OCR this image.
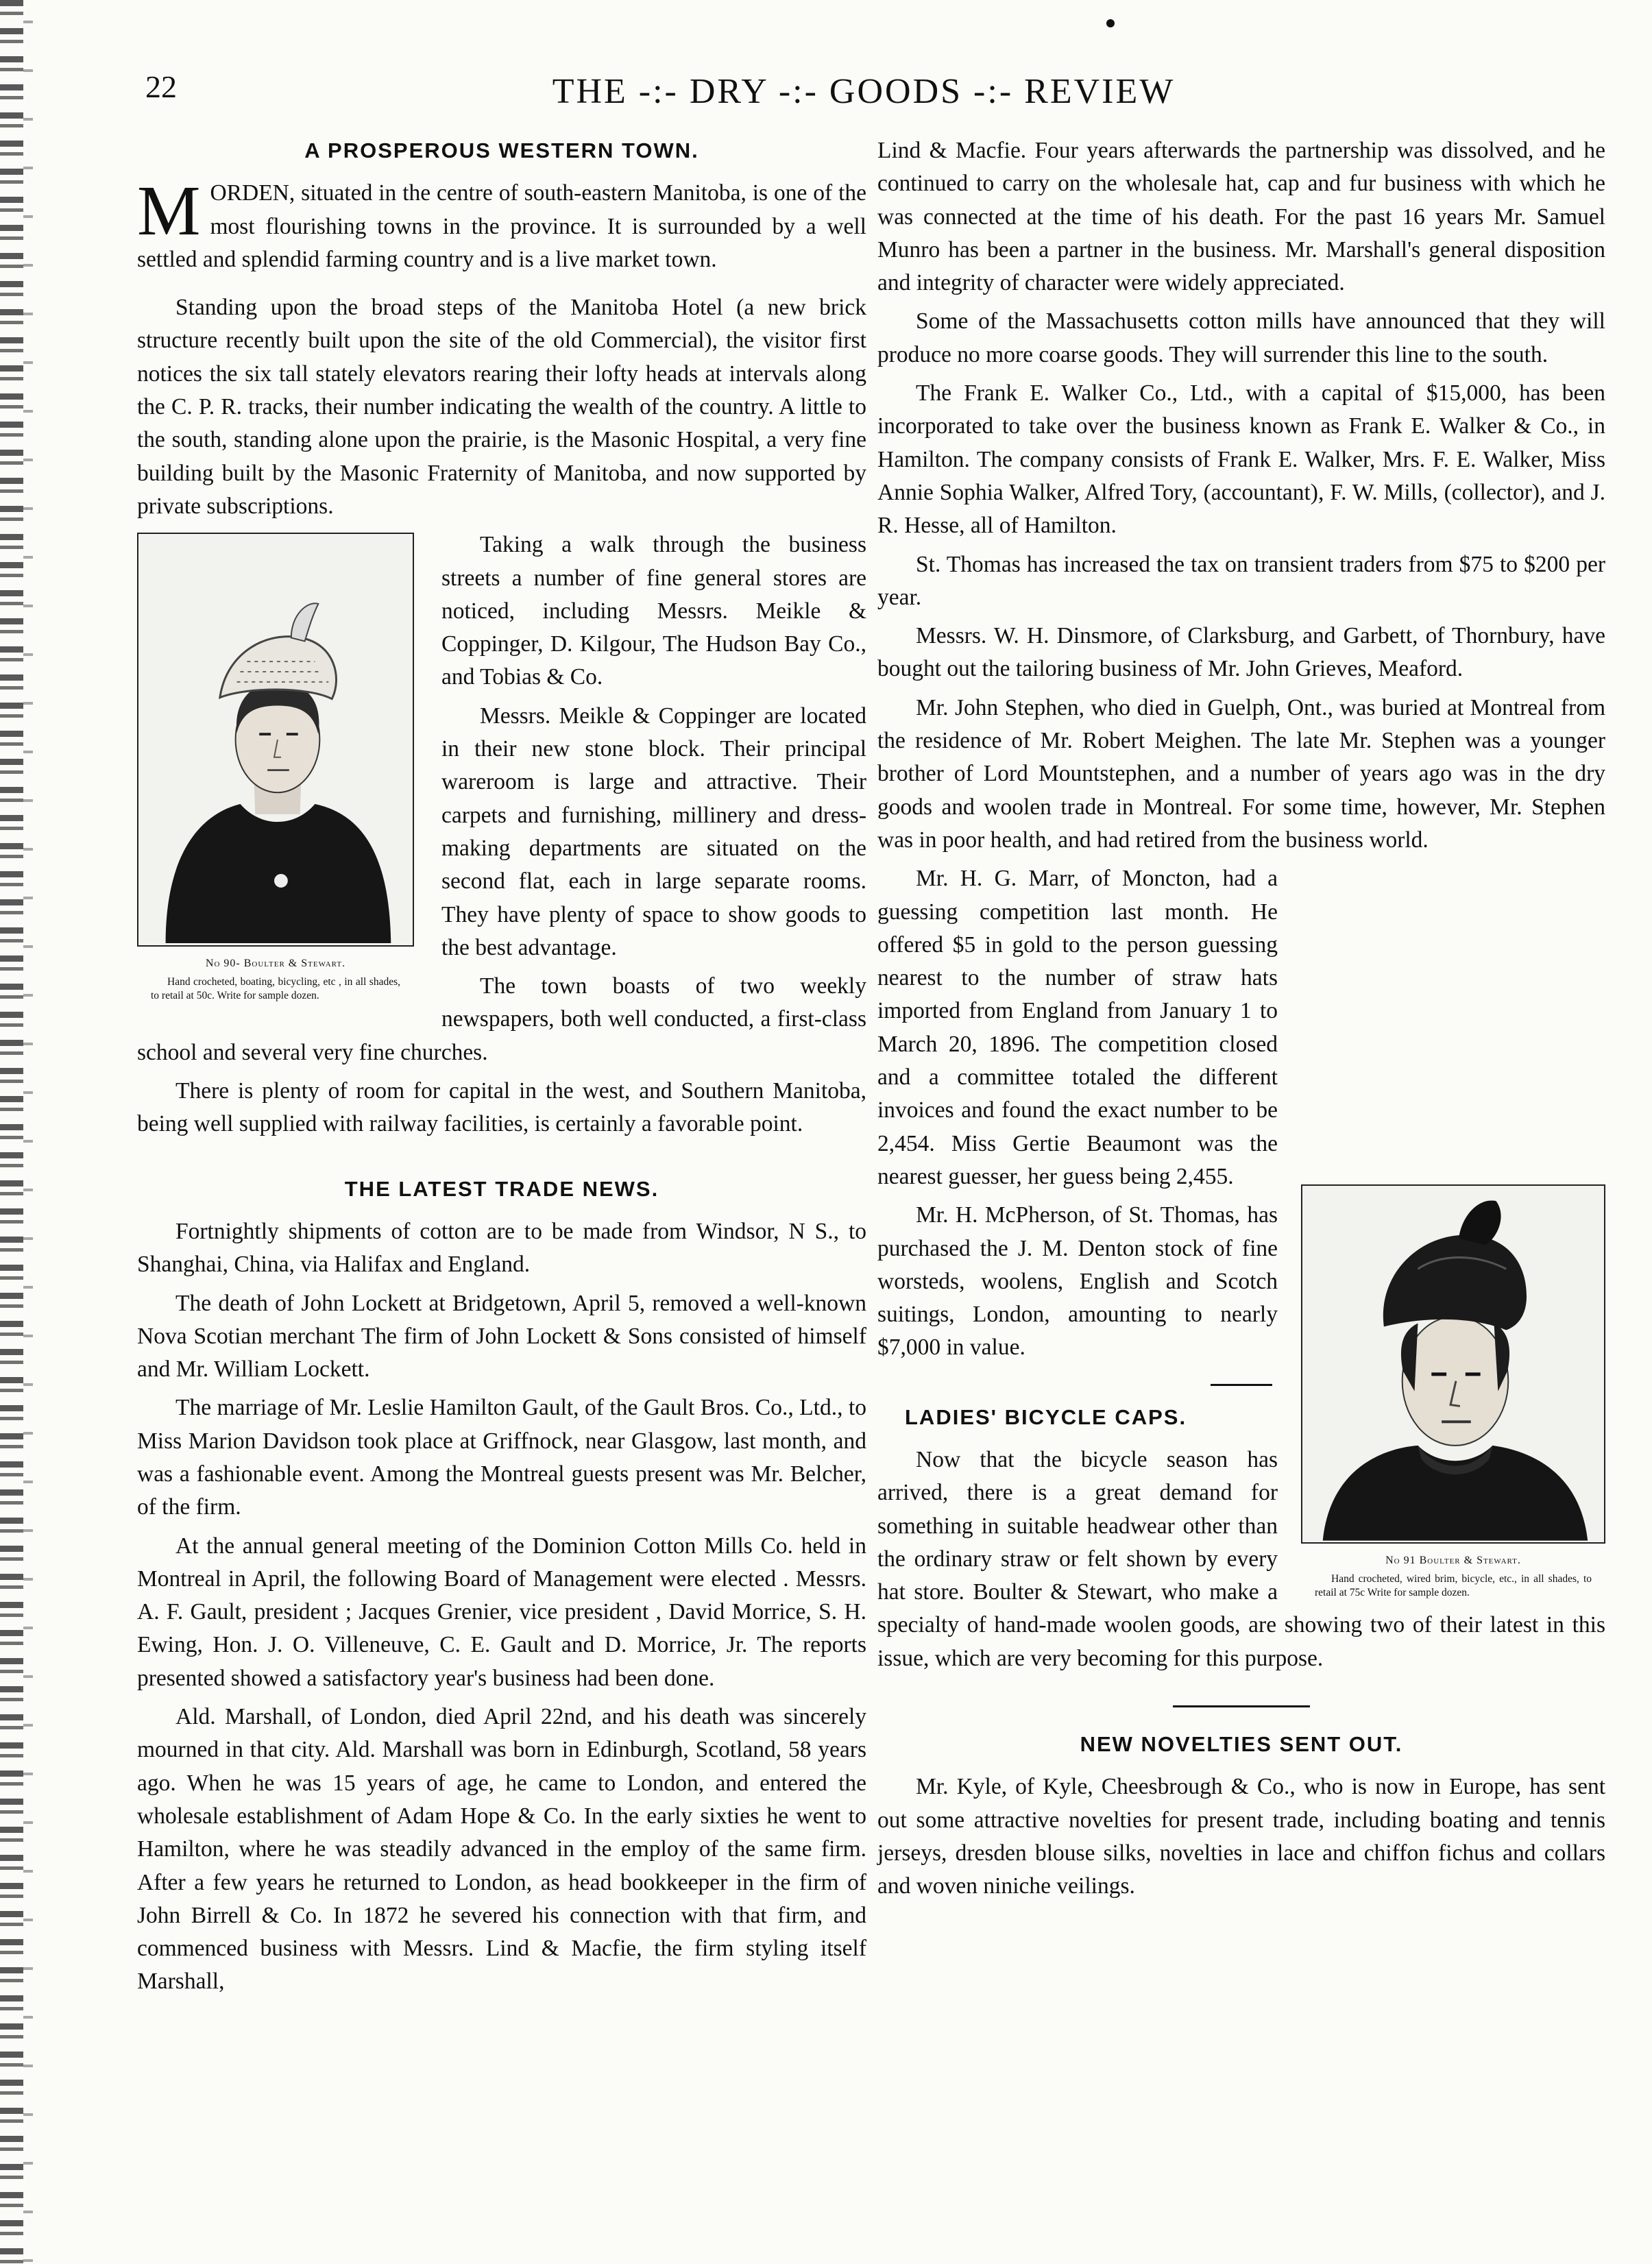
22	THE -:- DRY -:- GOODS -:- REVIEW
A PROSPEROUS WESTERN TOWN.

MORDEN, situated in the centre of south-eastern Manitoba, is one of the most flourishing towns in the province. It is surrounded by a well settled and splendid farming country and is a live market town.

Standing upon the broad steps of the Manitoba Hotel (a new brick structure recently built upon the site of the old Commercial), the visitor first notices the six tall stately elevators rearing their lofty heads at intervals along the C. P. R. tracks, their number indicating the wealth of the country. A little to the south, standing alone upon the prairie, is the Masonic Hospital, a very fine building built by the Masonic Fraternity of Manitoba, and now supported by private subscriptions.

No 90- Boulter & Stewart.
Hand crocheted, boating, bicycling, etc , in all shades, to retail at 50c. Write for sample dozen.

Taking a walk through the business streets a number of fine general stores are noticed, including Messrs. Meikle & Coppinger, D. Kilgour, The Hudson Bay Co., and Tobias & Co.

Messrs. Meikle & Coppinger are located in their new stone block. Their principal wareroom is large and attractive. Their carpets and furnishing, millinery and dress-making departments are situated on the second flat, each in large separate rooms. They have plenty of space to show goods to the best advantage.

The town boasts of two weekly newspapers, both well conducted, a first-class school and several very fine churches.

There is plenty of room for capital in the west, and Southern Manitoba, being well supplied with railway facilities, is certainly a favorable point.

THE LATEST TRADE NEWS.

Fortnightly shipments of cotton are to be made from Windsor, N S., to Shanghai, China, via Halifax and England.

The death of John Lockett at Bridgetown, April 5, removed a well-known Nova Scotian merchant The firm of John Lockett & Sons consisted of himself and Mr. William Lockett.

The marriage of Mr. Leslie Hamilton Gault, of the Gault Bros. Co., Ltd., to Miss Marion Davidson took place at Griffnock, near Glasgow, last month, and was a fashionable event. Among the Montreal guests present was Mr. Belcher, of the firm.

At the annual general meeting of the Dominion Cotton Mills Co. held in Montreal in April, the following Board of Management were elected . Messrs. A. F. Gault, president ; Jacques Grenier, vice president , David Morrice, S. H. Ewing, Hon. J. O. Villeneuve, C. E. Gault and D. Morrice, Jr. The reports presented showed a satisfactory year's business had been done.

Ald. Marshall, of London, died April 22nd, and his death was sincerely mourned in that city. Ald. Marshall was born in Edinburgh, Scotland, 58 years ago. When he was 15 years of age, he came to London, and entered the wholesale establishment of Adam Hope & Co. In the early sixties he went to Hamilton, where he was steadily advanced in the employ of the same firm. After a few years he returned to London, as head bookkeeper in the firm of John Birrell & Co. In 1872 he severed his connection with that firm, and commenced business with Messrs. Lind & Macfie, the firm styling itself Marshall,

Lind & Macfie. Four years afterwards the partnership was dissolved, and he continued to carry on the wholesale hat, cap and fur business with which he was connected at the time of his death. For the past 16 years Mr. Samuel Munro has been a partner in the business. Mr. Marshall's general disposition and integrity of character were widely appreciated.

Some of the Massachusetts cotton mills have announced that they will produce no more coarse goods. They will surrender this line to the south.

The Frank E. Walker Co., Ltd., with a capital of $15,000, has been incorporated to take over the business known as Frank E. Walker & Co., in Hamilton. The company consists of Frank E. Walker, Mrs. F. E. Walker, Miss Annie Sophia Walker, Alfred Tory, (accountant), F. W. Mills, (collector), and J. R. Hesse, all of Hamilton.

St. Thomas has increased the tax on transient traders from $75 to $200 per year.

Messrs. W. H. Dinsmore, of Clarksburg, and Garbett, of Thornbury, have bought out the tailoring business of Mr. John Grieves, Meaford.

Mr. John Stephen, who died in Guelph, Ont., was buried at Montreal from the residence of Mr. Robert Meighen. The late Mr. Stephen was a younger brother of Lord Mountstephen, and a number of years ago was in the dry goods and woolen trade in Montreal. For some time, however, Mr. Stephen was in poor health, and had retired from the business world.

No 91 Boulter & Stewart.
Hand crocheted, wired brim, bicycle, etc., in all shades, to retail at 75c Write for sample dozen.

Mr. H. G. Marr, of Moncton, had a guessing competition last month. He offered $5 in gold to the person guessing nearest to the number of straw hats imported from England from January 1 to March 20, 1896. The competition closed and a committee totaled the different invoices and found the exact number to be 2,454. Miss Gertie Beaumont was the nearest guesser, her guess being 2,455.

Mr. H. McPherson, of St. Thomas, has purchased the J. M. Denton stock of fine worsteds, woolens, English and Scotch suitings, London, amounting to nearly $7,000 in value.

LADIES' BICYCLE CAPS.

Now that the bicycle season has arrived, there is a great demand for something in suitable headwear other than the ordinary straw or felt shown by every hat store. Boulter & Stewart, who make a specialty of hand-made woolen goods, are showing two of their latest in this issue, which are very becoming for this purpose.

NEW NOVELTIES SENT OUT.

Mr. Kyle, of Kyle, Cheesbrough & Co., who is now in Europe, has sent out some attractive novelties for present trade, including boating and tennis jerseys, dresden blouse silks, novelties in lace and chiffon fichus and collars and woven niniche veilings.
